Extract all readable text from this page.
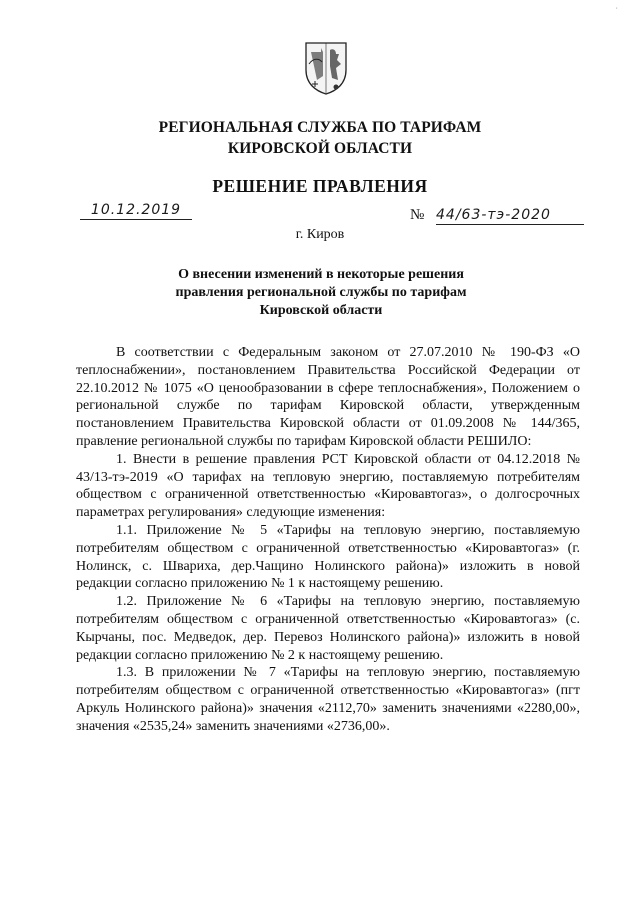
˙
РЕГИОНАЛЬНАЯ СЛУЖБА ПО ТАРИФАМ
КИРОВСКОЙ ОБЛАСТИ
РЕШЕНИЕ ПРАВЛЕНИЯ
10.12.2019	№ 44/63-тэ-2020
г. Киров
О внесении изменений в некоторые решения
правления региональной службы по тарифам
Кировской области

В соответствии с Федеральным законом от 27.07.2010 № 190-ФЗ «О теплоснабжении», постановлением Правительства Российской Федерации от 22.10.2012 № 1075 «О ценообразовании в сфере теплоснабжения», Положением о региональной службе по тарифам Кировской области, утвержденным постановлением Правительства Кировской области от 01.09.2008 № 144/365, правление региональной службы по тарифам Кировской области РЕШИЛО:

1. Внести в решение правления РСТ Кировской области от 04.12.2018 № 43/13-тэ-2019 «О тарифах на тепловую энергию, поставляемую потребителям обществом с ограниченной ответственностью «Кировавтогаз», о долгосрочных параметрах регулирования» следующие изменения:

1.1. Приложение № 5 «Тарифы на тепловую энергию, поставляемую потребителям обществом с ограниченной ответственностью «Кировавтогаз» (г. Нолинск, с. Швариха, дер.Чащино Нолинского района)» изложить в новой редакции согласно приложению № 1 к настоящему решению.

1.2. Приложение № 6 «Тарифы на тепловую энергию, поставляемую потребителям обществом с ограниченной ответственностью «Кировавтогаз» (с. Кырчаны, пос. Медведок, дер. Перевоз Нолинского района)» изложить в новой редакции согласно приложению № 2 к настоящему решению.

1.3. В приложении № 7 «Тарифы на тепловую энергию, поставляемую потребителям обществом с ограниченной ответственностью «Кировавтогаз» (пгт Аркуль Нолинского района)» значения «2112,70» заменить значениями «2280,00», значения «2535,24» заменить значениями «2736,00».
